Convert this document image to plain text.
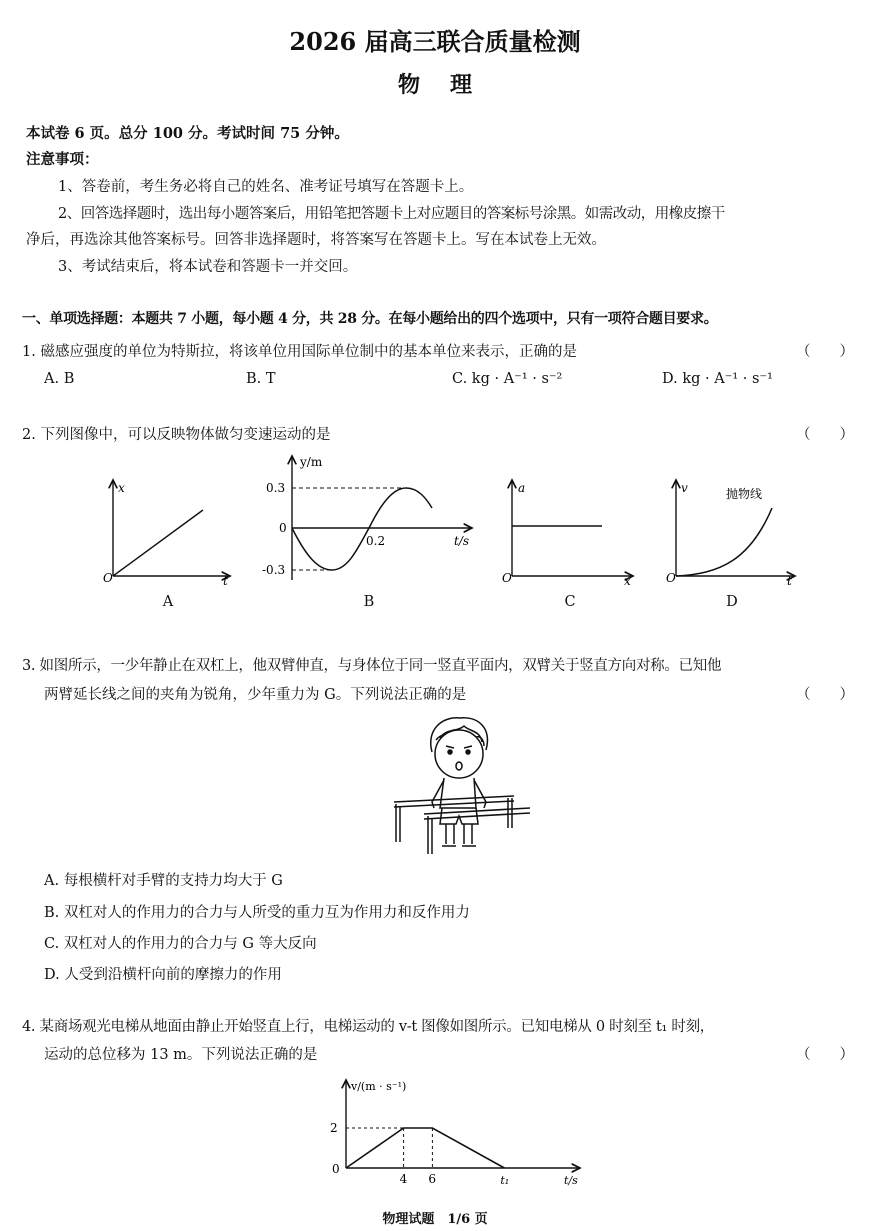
2026 届高三联合质量检测
物理
本试卷 6 页。总分 100 分。考试时间 75 分钟。
注意事项：
1、答卷前，考生务必将自己的姓名、准考证号填写在答题卡上。
2、回答选择题时，选出每小题答案后，用铅笔把答题卡上对应题目的答案标号涂黑。如需改动，用橡皮擦干
净后，再选涂其他答案标号。回答非选择题时，将答案写在答题卡上。写在本试卷上无效。
3、考试结束后，将本试卷和答题卡一并交回。
一、单项选择题：本题共 7 小题，每小题 4 分，共 28 分。在每小题给出的四个选项中，只有一项符合题目要求。
1. 磁感应强度的单位为特斯拉，将该单位用国际单位制中的基本单位来表示，正确的是	（　　）
A. B	B. T	C. kg · A⁻¹ · s⁻²	D. kg · A⁻¹ · s⁻¹
2. 下列图像中，可以反映物体做匀变速运动的是	（　　）
x
t
O
y/m
t/s
0.3
-0.3
0
0.2
a
x
O
v
t
O
抛物线
A	B	C	D
3. 如图所示，一少年静止在双杠上，他双臂伸直，与身体位于同一竖直平面内，双臂关于竖直方向对称。已知他
两臂延长线之间的夹角为锐角，少年重力为 G。下列说法正确的是	（　　）
A. 每根横杆对手臂的支持力均大于 G
B. 双杠对人的作用力的合力与人所受的重力互为作用力和反作用力
C. 双杠对人的作用力的合力与 G 等大反向
D. 人受到沿横杆向前的摩擦力的作用
4. 某商场观光电梯从地面由静止开始竖直上行，电梯运动的 v-t 图像如图所示。已知电梯从 0 时刻至 t₁ 时刻，
运动的总位移为 13 m。下列说法正确的是	（　　）
v/(m · s⁻¹)
t/s
2
0
4 6	t₁
物理试题　1/6 页
